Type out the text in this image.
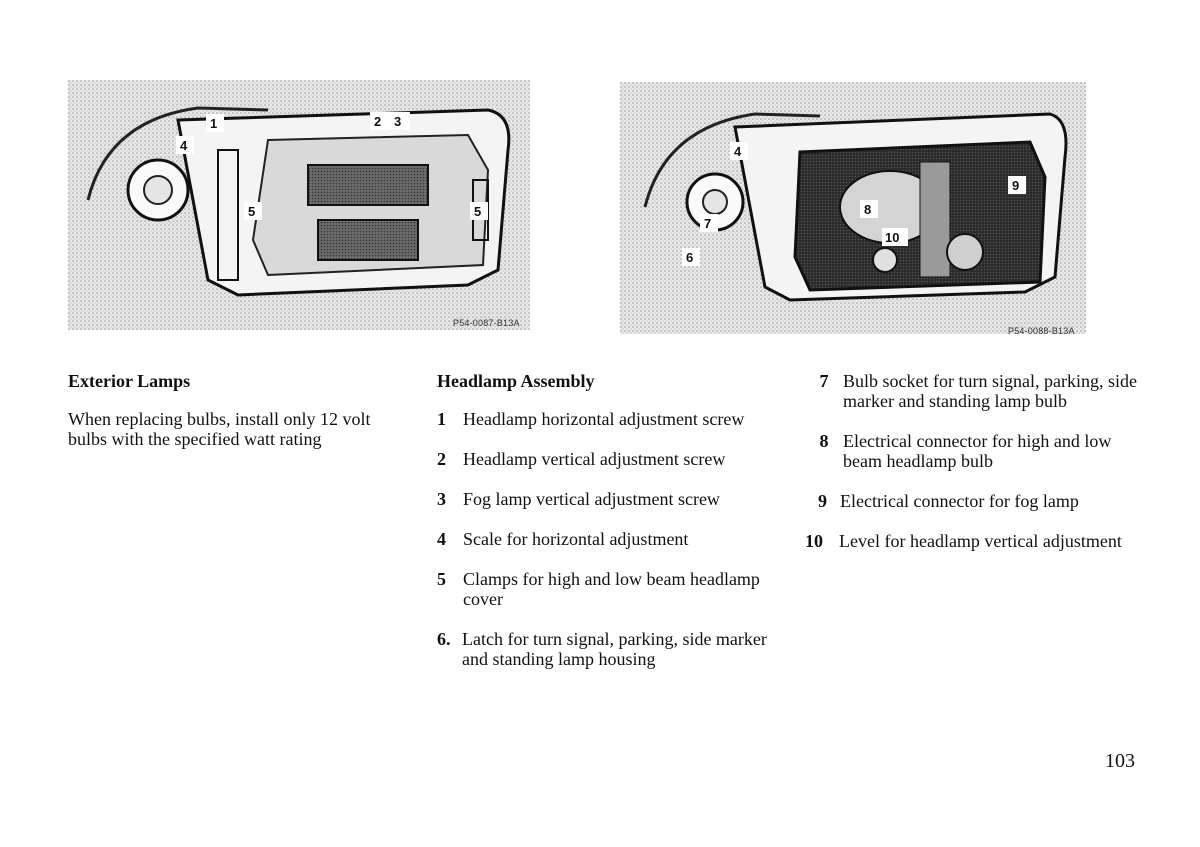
1	2 3
4
5	5
P54-0087-B13A
4
6
7
8
9
10
P54-0088-B13A
Exterior Lamps

When replacing bulbs, install only 12 volt bulbs with the specified watt rating

Headlamp Assembly
1 Headlamp horizontal adjustment screw
2 Headlamp vertical adjustment screw
3 Fog lamp vertical adjustment screw
4 Scale for horizontal adjustment
5 Clamps for high and low beam headlamp cover
6. Latch for turn signal, parking, side marker and standing lamp housing
7 Bulb socket for turn signal, parking, side marker and standing lamp bulb
8 Electrical connector for high and low beam headlamp bulb
9 Electrical connector for fog lamp
10 Level for headlamp vertical adjustment
103
